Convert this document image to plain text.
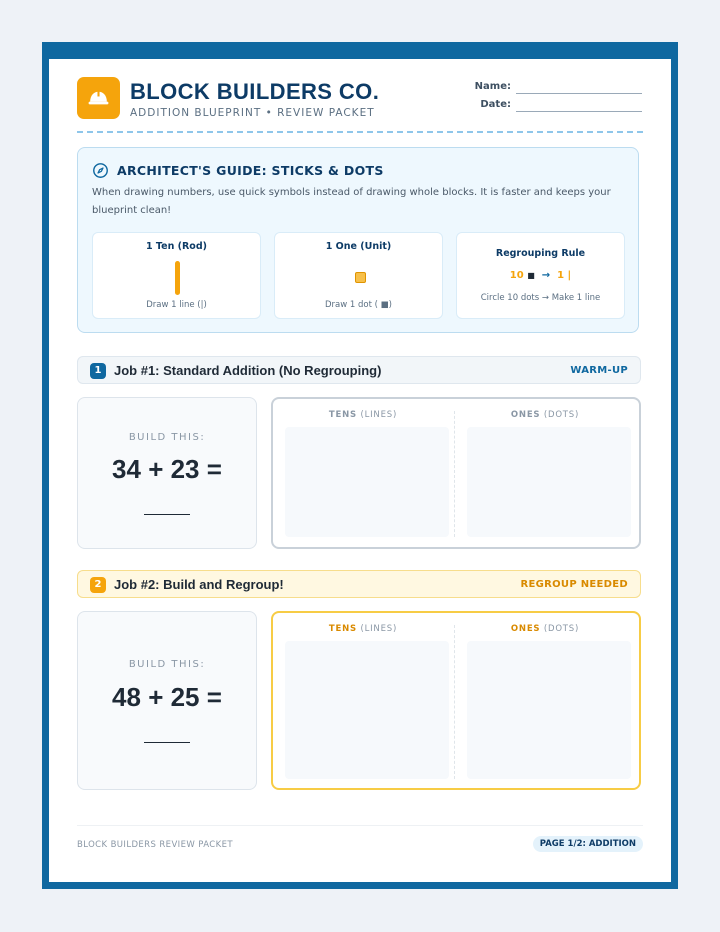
BLOCK BUILDERS CO.
ADDITION BLUEPRINT • REVIEW PACKET
Name:
Date:
ARCHITECT'S GUIDE: STICKS & DOTS
When drawing numbers, use quick symbols instead of drawing whole blocks. It is faster and keeps your blueprint clean!
1 Ten (Rod)
Draw 1 line (|)
1 One (Unit)
Draw 1 dot ( ■)
Regrouping Rule
10 ■ → 1 |
Circle 10 dots → Make 1 line
1 Job #1: Standard Addition (No Regrouping)	WARM-UP
BUILD THIS:
34 + 23 =
TENS (LINES)	ONES (DOTS)
2 Job #2: Build and Regroup!	REGROUP NEEDED
BUILD THIS:
48 + 25 =
TENS (LINES)	ONES (DOTS)
BLOCK BUILDERS REVIEW PACKET	PAGE 1/2: ADDITION
